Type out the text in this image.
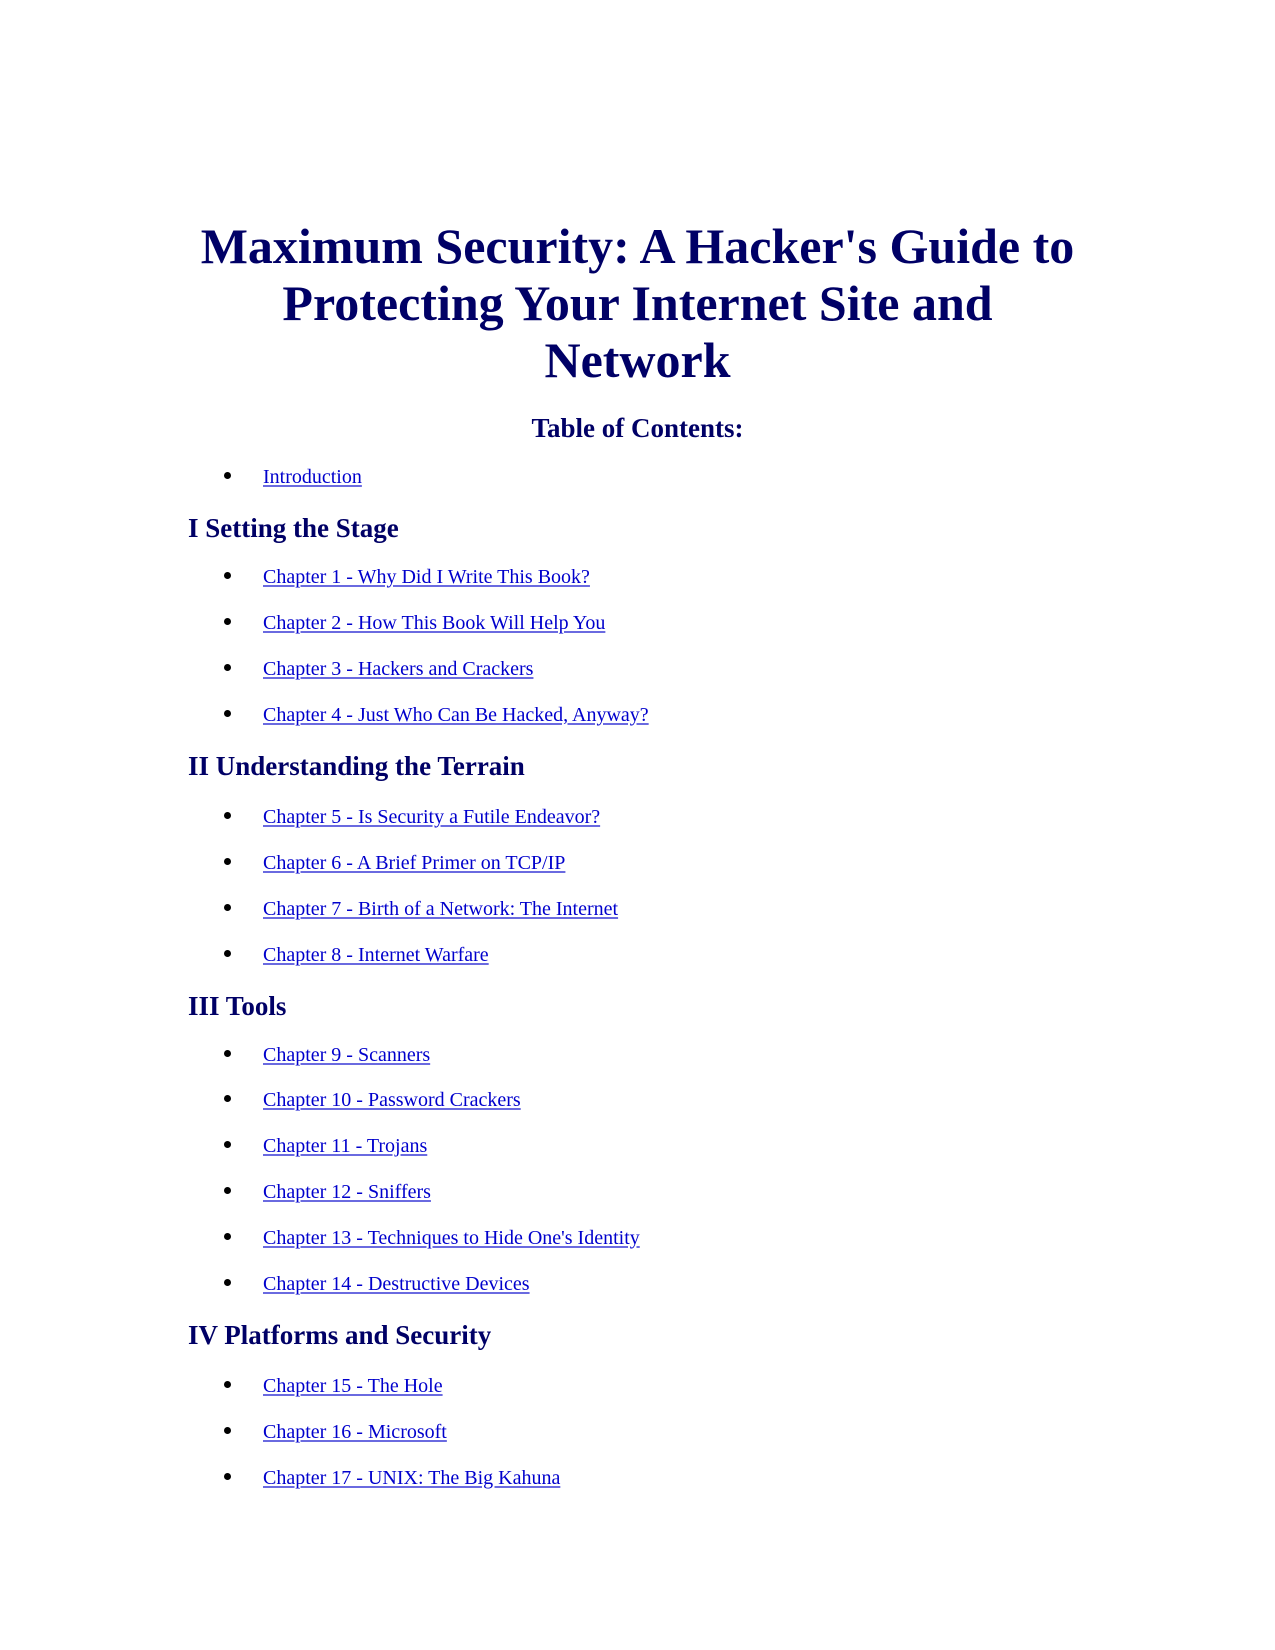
Maximum Security: A Hacker's Guide to
Protecting Your Internet Site and
Network
Table of Contents:
Introduction
I Setting the Stage
Chapter 1 - Why Did I Write This Book?
Chapter 2 - How This Book Will Help You
Chapter 3 - Hackers and Crackers
Chapter 4 - Just Who Can Be Hacked, Anyway?
II Understanding the Terrain
Chapter 5 - Is Security a Futile Endeavor?
Chapter 6 - A Brief Primer on TCP/IP
Chapter 7 - Birth of a Network: The Internet
Chapter 8 - Internet Warfare
III Tools
Chapter 9 - Scanners
Chapter 10 - Password Crackers
Chapter 11 - Trojans
Chapter 12 - Sniffers
Chapter 13 - Techniques to Hide One's Identity
Chapter 14 - Destructive Devices
IV Platforms and Security
Chapter 15 - The Hole
Chapter 16 - Microsoft
Chapter 17 - UNIX: The Big Kahuna
